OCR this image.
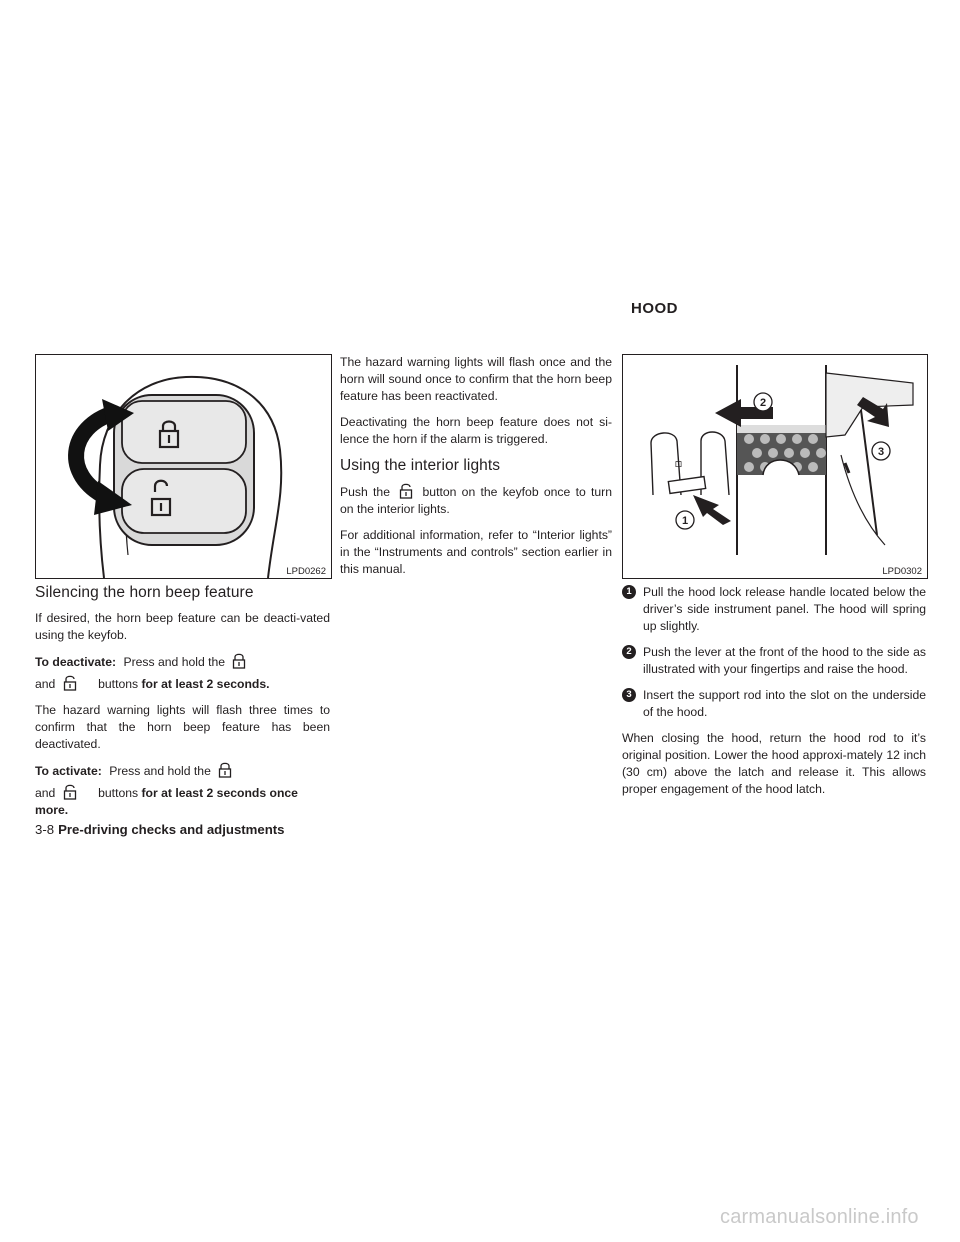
HOOD
LPD0262
Silencing the horn beep feature

If desired, the horn beep feature can be deacti-vated using the keyfob.

To deactivate: Press and hold the

and	buttons for at least 2 seconds.

The hazard warning lights will flash three times to confirm that the horn beep feature has been deactivated.

To activate: Press and hold the

and	buttons for at least 2 seconds once more.

The hazard warning lights will flash once and the horn will sound once to confirm that the horn beep feature has been reactivated.

Deactivating the horn beep feature does not si-lence the horn if the alarm is triggered.

Using the interior lights

Push the	button on the keyfob once to turn on the interior lights.

For additional information, refer to “Interior lights” in the “Instruments and controls” section earlier in this manual.

⚀
1
2
3
LPD0302
1 Pull the hood lock release handle located below the driver’s side instrument panel. The hood will spring up slightly.
2 Push the lever at the front of the hood to the side as illustrated with your fingertips and raise the hood.
3 Insert the support rod into the slot on the underside of the hood.

When closing the hood, return the hood rod to it’s original position. Lower the hood approxi-mately 12 inch (30 cm) above the latch and release it. This allows proper engagement of the hood latch.

3-8 Pre-driving checks and adjustments
carmanualsonline.info
